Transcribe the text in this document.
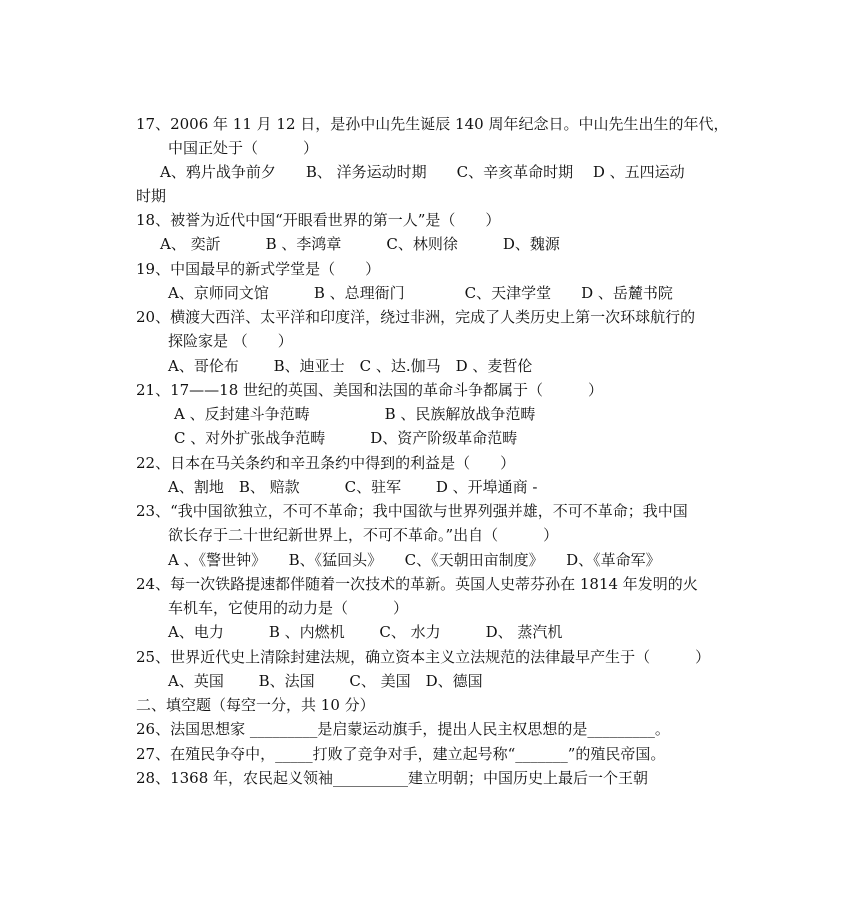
17、2006 年 11 月 12 日，是孙中山先生诞辰 140 周年纪念日。中山先生出生的年代，
中国正处于（　　　）
A、鸦片战争前夕　　B、 洋务运动时期　　C、辛亥革命时期　 D 、五四运动
时期
18、被誉为近代中国“开眼看世界的第一人”是（　　）
A、 奕訢　　　B 、李鸿章　　　C、林则徐　　　D、魏源
19、中国最早的新式学堂是（　　）
A、京师同文馆　　　B 、总理衙门　　　　C、天津学堂　　D 、岳麓书院
20、横渡大西洋、太平洋和印度洋，绕过非洲，完成了人类历史上第一次环球航行的
探险家是 （　　）
A、哥伦布　　 B、迪亚士　C 、达.伽马　D 、麦哲伦
21、17——18 世纪的英国、美国和法国的革命斗争都属于（　　　）
A 、反封建斗争范畴　　　　　B 、民族解放战争范畴
C 、对外扩张战争范畴　　　D、资产阶级革命范畴
22、日本在马关条约和辛丑条约中得到的利益是（　　）
A、割地　B、 赔款　　　C、驻军　　 D 、开埠通商 -
23、“我中国欲独立，不可不革命；我中国欲与世界列强并雄，不可不革命；我中国
欲长存于二十世纪新世界上，不可不革命。”出自（　　　）
A 、《警世钟》　　B、《猛回头》　　C、《天朝田亩制度》　　D、《革命军》
24、每一次铁路提速都伴随着一次技术的革新。英国人史蒂芬孙在 1814 年发明的火
车机车，它使用的动力是（　　　）
A、电力　　　B 、内燃机　　 C、 水力　　　D、 蒸汽机
25、世界近代史上清除封建法规，确立资本主义立法规范的法律最早产生于（　　　）
A、英国　　 B、法国　　 C、 美国　D、德国
二、填空题（每空一分，共 10 分）
26、法国思想家 _________是启蒙运动旗手，提出人民主权思想的是_________。
27、在殖民争夺中，_____打败了竞争对手，建立起号称“_______”的殖民帝国。
28、1368 年，农民起义领袖__________建立明朝；中国历史上最后一个王朝
